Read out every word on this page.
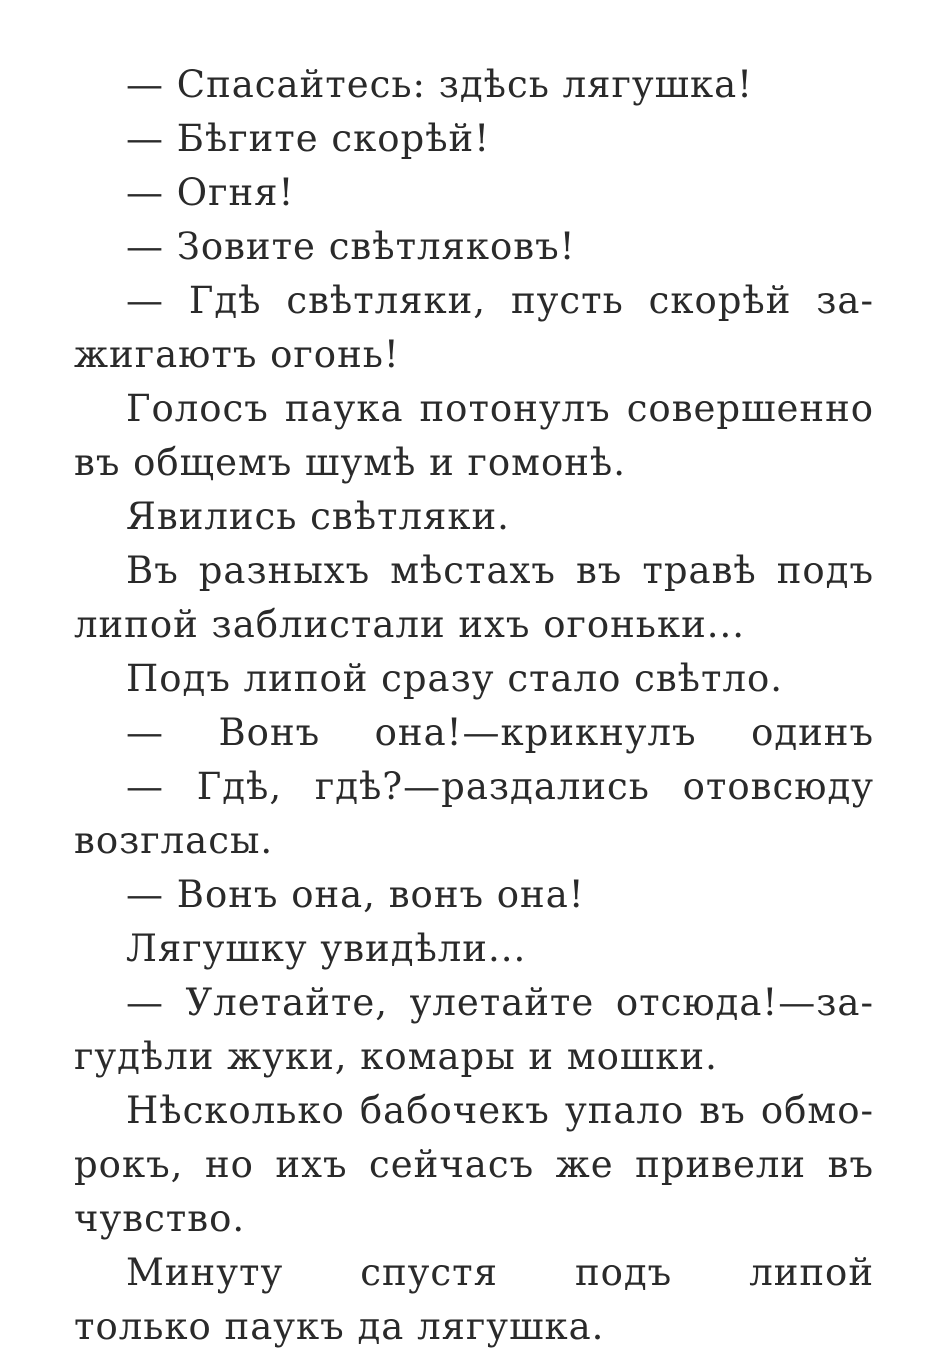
— Спасайтесь: здѣсь лягушка!
— Бѣгите скорѣй!
— Огня!
— Зовите свѣтляковъ!
— Гдѣ свѣтляки, пусть скорѣй за-
жигаютъ огонь!
Голосъ паука потонулъ совершенно
въ общемъ шумѣ и гомонѣ.
Явились свѣтляки.
Въ разныхъ мѣстахъ въ травѣ подъ
липой заблистали ихъ огоньки...
Подъ липой сразу стало свѣтло.
— Вонъ она!—крикнулъ одинъ
— Гдѣ, гдѣ?—раздались отовсюду
возгласы.
— Вонъ она, вонъ она!
Лягушку увидѣли...
— Улетайте, улетайте отсюда!—за-
гудѣли жуки, комары и мошки.
Нѣсколько бабочекъ упало въ обмо-
рокъ, но ихъ сейчасъ же привели въ
чувство.
Минуту спустя подъ липой
только паукъ да лягушка.
